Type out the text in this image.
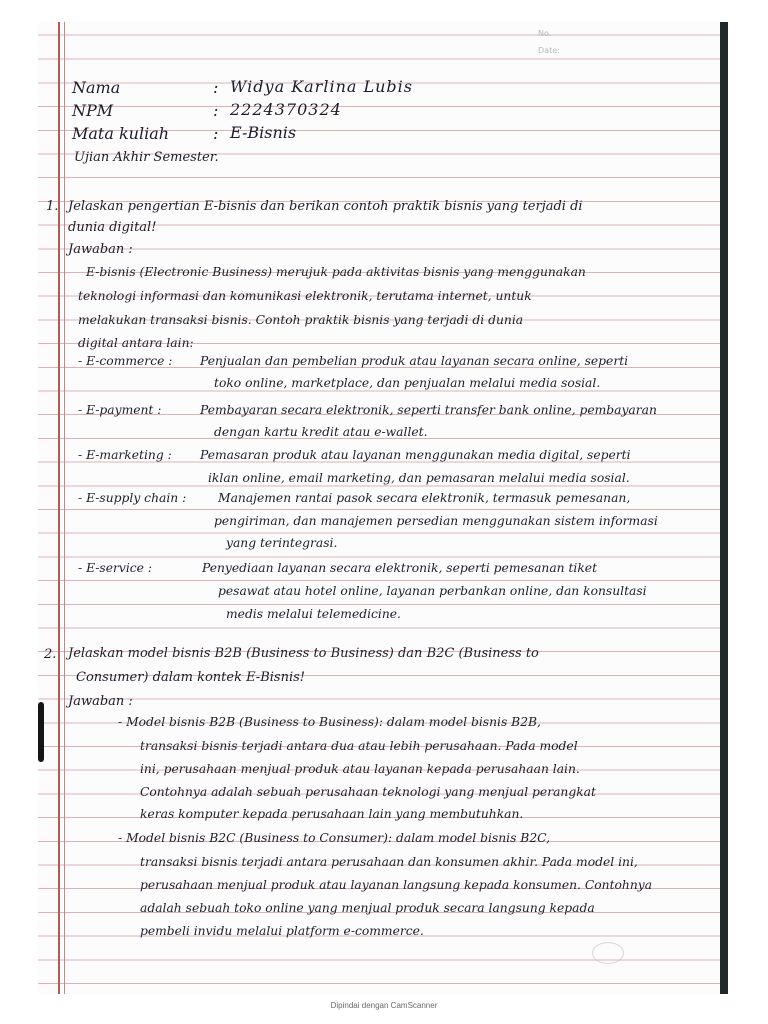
No.
Date:
Nama	: Widya Karlina Lubis
NPM	: 2224370324
Mata kuliah	: E-Bisnis
Ujian Akhir Semester.
1. Jelaskan pengertian E-bisnis dan berikan contoh praktik bisnis yang terjadi di
dunia digital!
Jawaban :
E-bisnis (Electronic Business) merujuk pada aktivitas bisnis yang menggunakan
teknologi informasi dan komunikasi elektronik, terutama internet, untuk
melakukan transaksi bisnis. Contoh praktik bisnis yang terjadi di dunia
digital antara lain:
- E-commerce : Penjualan dan pembelian produk atau layanan secara online, seperti
toko online, marketplace, dan penjualan melalui media sosial.
- E-payment :	Pembayaran secara elektronik, seperti transfer bank online, pembayaran
dengan kartu kredit atau e-wallet.
- E-marketing : Pemasaran produk atau layanan menggunakan media digital, seperti
iklan online, email marketing, dan pemasaran melalui media sosial.
- E-supply chain :	Manajemen rantai pasok secara elektronik, termasuk pemesanan,
pengiriman, dan manajemen persedian menggunakan sistem informasi
yang terintegrasi.
- E-service :	Penyediaan layanan secara elektronik, seperti pemesanan tiket
pesawat atau hotel online, layanan perbankan online, dan konsultasi
medis melalui telemedicine.
2. Jelaskan model bisnis B2B (Business to Business) dan B2C (Business to
Consumer) dalam kontek E-Bisnis!
Jawaban :
- Model bisnis B2B (Business to Business): dalam model bisnis B2B,
transaksi bisnis terjadi antara dua atau lebih perusahaan. Pada model
ini, perusahaan menjual produk atau layanan kepada perusahaan lain.
Contohnya adalah sebuah perusahaan teknologi yang menjual perangkat
keras komputer kepada perusahaan lain yang membutuhkan.
- Model bisnis B2C (Business to Consumer): dalam model bisnis B2C,
transaksi bisnis terjadi antara perusahaan dan konsumen akhir. Pada model ini,
perusahaan menjual produk atau layanan langsung kepada konsumen. Contohnya
adalah sebuah toko online yang menjual produk secara langsung kepada
pembeli invidu melalui platform e-commerce.
Dipindai dengan CamScanner
